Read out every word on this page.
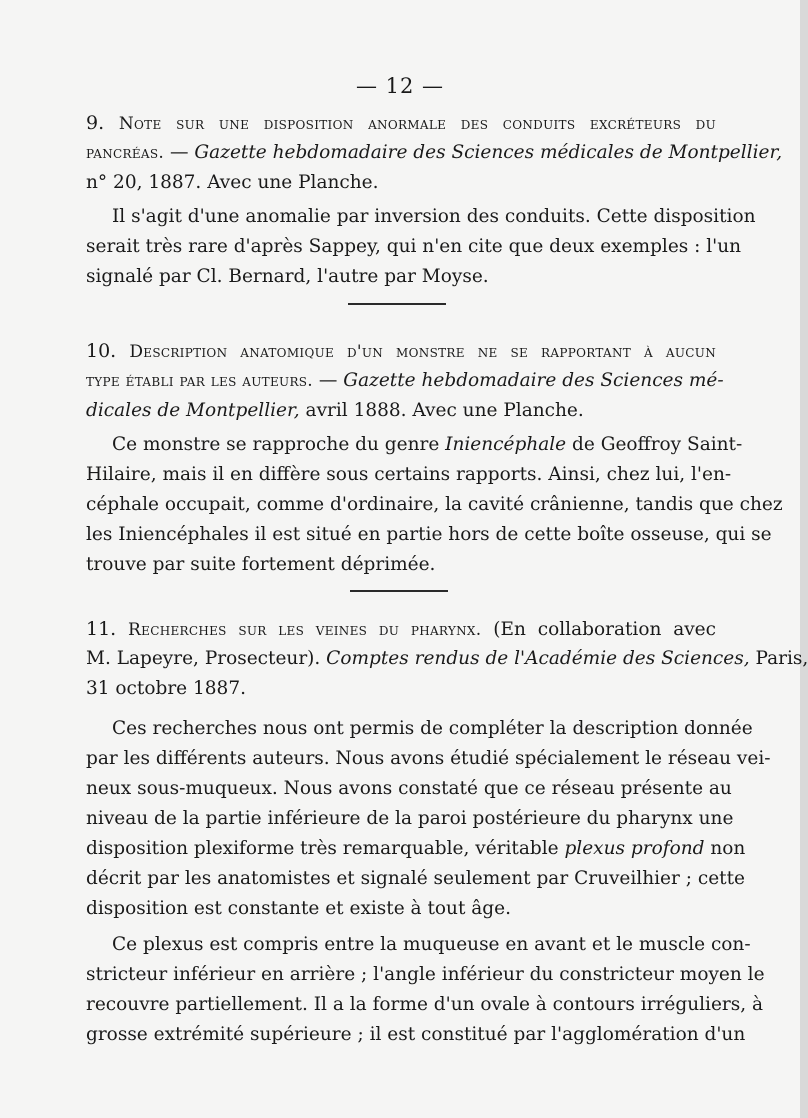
— 12 —
9. Note sur une disposition anormale des conduits excréteurs du
pancréas. — Gazette hebdomadaire des Sciences médicales de Montpellier,
n° 20, 1887. Avec une Planche.
Il s'agit d'une anomalie par inversion des conduits. Cette disposition
serait très rare d'après Sappey, qui n'en cite que deux exemples : l'un
signalé par Cl. Bernard, l'autre par Moyse.
10. Description anatomique d'un monstre ne se rapportant à aucun
type établi par les auteurs. — Gazette hebdomadaire des Sciences mé-
dicales de Montpellier, avril 1888. Avec une Planche.
Ce monstre se rapproche du genre Iniencéphale de Geoffroy Saint-
Hilaire, mais il en diffère sous certains rapports. Ainsi, chez lui, l'en-
céphale occupait, comme d'ordinaire, la cavité crânienne, tandis que chez
les Iniencéphales il est situé en partie hors de cette boîte osseuse, qui se
trouve par suite fortement déprimée.
11. Recherches sur les veines du pharynx. (En collaboration avec
M. Lapeyre, Prosecteur). Comptes rendus de l'Académie des Sciences, Paris,
31 octobre 1887.
Ces recherches nous ont permis de compléter la description donnée
par les différents auteurs. Nous avons étudié spécialement le réseau vei-
neux sous-muqueux. Nous avons constaté que ce réseau présente au
niveau de la partie inférieure de la paroi postérieure du pharynx une
disposition plexiforme très remarquable, véritable plexus profond non
décrit par les anatomistes et signalé seulement par Cruveilhier ; cette
disposition est constante et existe à tout âge.
Ce plexus est compris entre la muqueuse en avant et le muscle con-
stricteur inférieur en arrière ; l'angle inférieur du constricteur moyen le
recouvre partiellement. Il a la forme d'un ovale à contours irréguliers, à
grosse extrémité supérieure ; il est constitué par l'agglomération d'un
